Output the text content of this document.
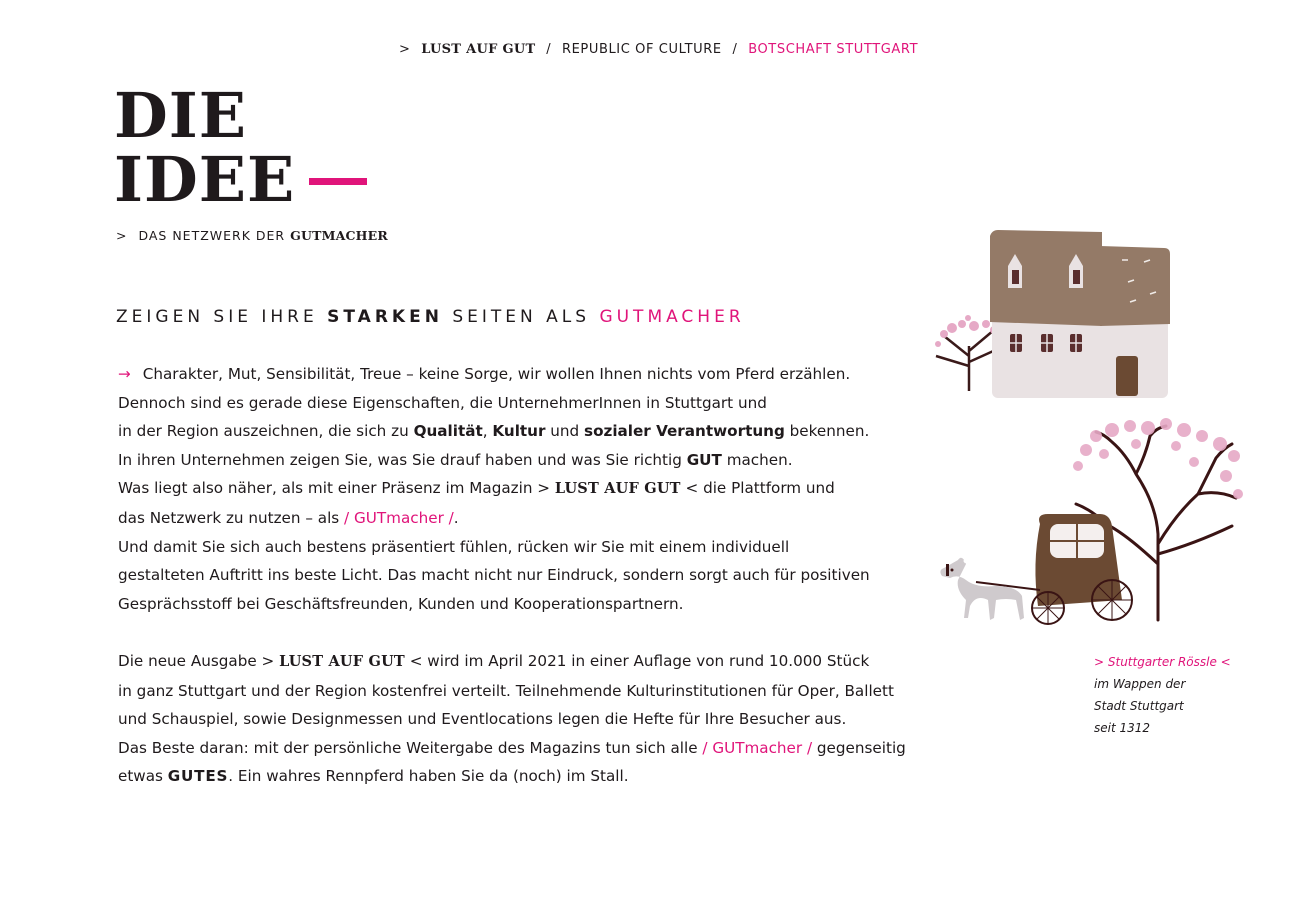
> LUST AUF GUT / REPUBLIC OF CULTURE / BOTSCHAFT STUTTGART
DIE
IDEE
> DAS NETZWERK DER GUTMACHER
ZEIGEN SIE IHRE STARKEN SEITEN ALS GUTMACHER

→ Charakter, Mut, Sensibilität, Treue – keine Sorge, wir wollen Ihnen nichts vom Pferd erzählen.

Dennoch sind es gerade diese Eigenschaften, die UnternehmerInnen in Stuttgart und

in der Region auszeichnen, die sich zu Qualität, Kultur und sozialer Verantwortung bekennen.

In ihren Unternehmen zeigen Sie, was Sie drauf haben und was Sie richtig GUT machen.

Was liegt also näher, als mit einer Präsenz im Magazin > LUST AUF GUT < die Plattform und

das Netzwerk zu nutzen – als / GUTmacher /.

Und damit Sie sich auch bestens präsentiert fühlen, rücken wir Sie mit einem individuell

gestalteten Auftritt ins beste Licht. Das macht nicht nur Eindruck, sondern sorgt auch für positiven

Gesprächsstoff bei Geschäftsfreunden, Kunden und Kooperationspartnern.

Die neue Ausgabe > LUST AUF GUT < wird im April 2021 in einer Auflage von rund 10.000 Stück

in ganz Stuttgart und der Region kostenfrei verteilt. Teilnehmende Kulturinstitutionen für Oper, Ballett

und Schauspiel, sowie Designmessen und Eventlocations legen die Hefte für Ihre Besucher aus.

Das Beste daran: mit der persönliche Weitergabe des Magazins tun sich alle / GUTmacher / gegenseitig

etwas GUTES. Ein wahres Rennpferd haben Sie da (noch) im Stall.

> Stuttgarter Rössle <
im Wappen der
Stadt Stuttgart
seit 1312
